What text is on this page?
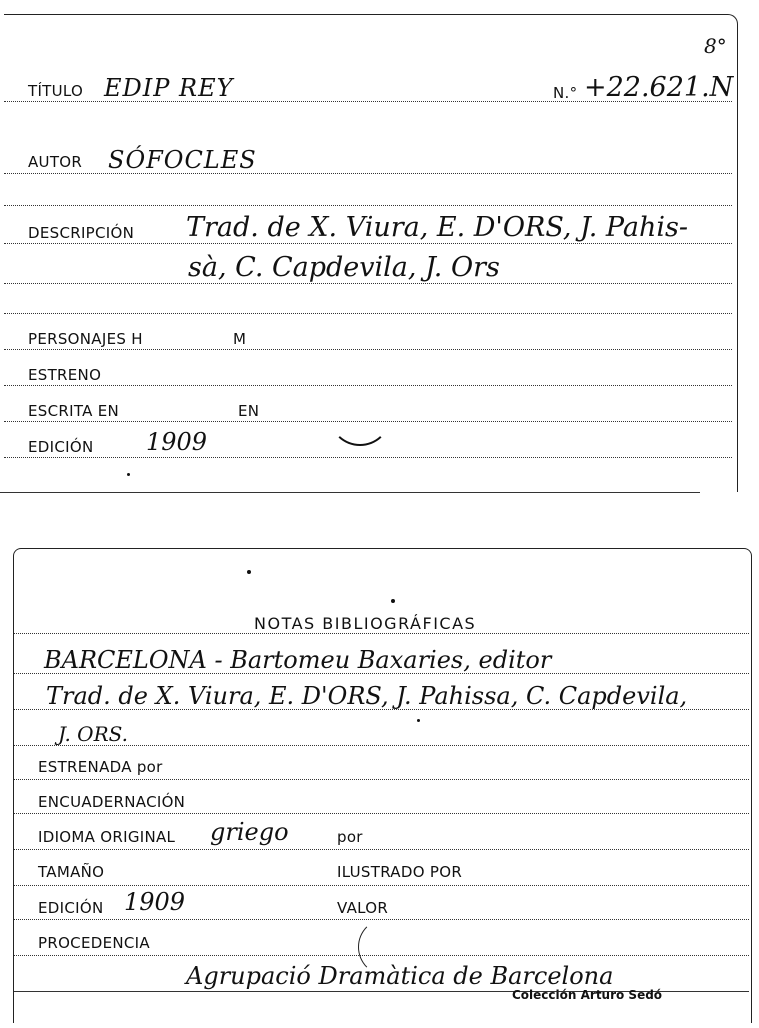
8°
TÍTULO EDIP REY	N.° +22.621.N
AUTOR SÓFOCLES
DESCRIPCIÓN Trad. de X. Viura, E. D'ORS, J. Pahis-
sà, C. Capdevila, J. Ors
PERSONAJES H	M
ESTRENO
ESCRITA EN	EN
EDICIÓN 1909
NOTAS BIBLIOGRÁFICAS
BARCELONA - Bartomeu Baxaries, editor
Trad. de X. Viura, E. D'ORS, J. Pahissa, C. Capdevila,
J. ORS.
ESTRENADA por
ENCUADERNACIÓN
IDIOMA ORIGINAL griego	por
TAMAÑO	ILUSTRADO POR
EDICIÓN 1909	VALOR
PROCEDENCIA
Agrupació Dramàtica de Barcelona
Colección Arturo Sedó
